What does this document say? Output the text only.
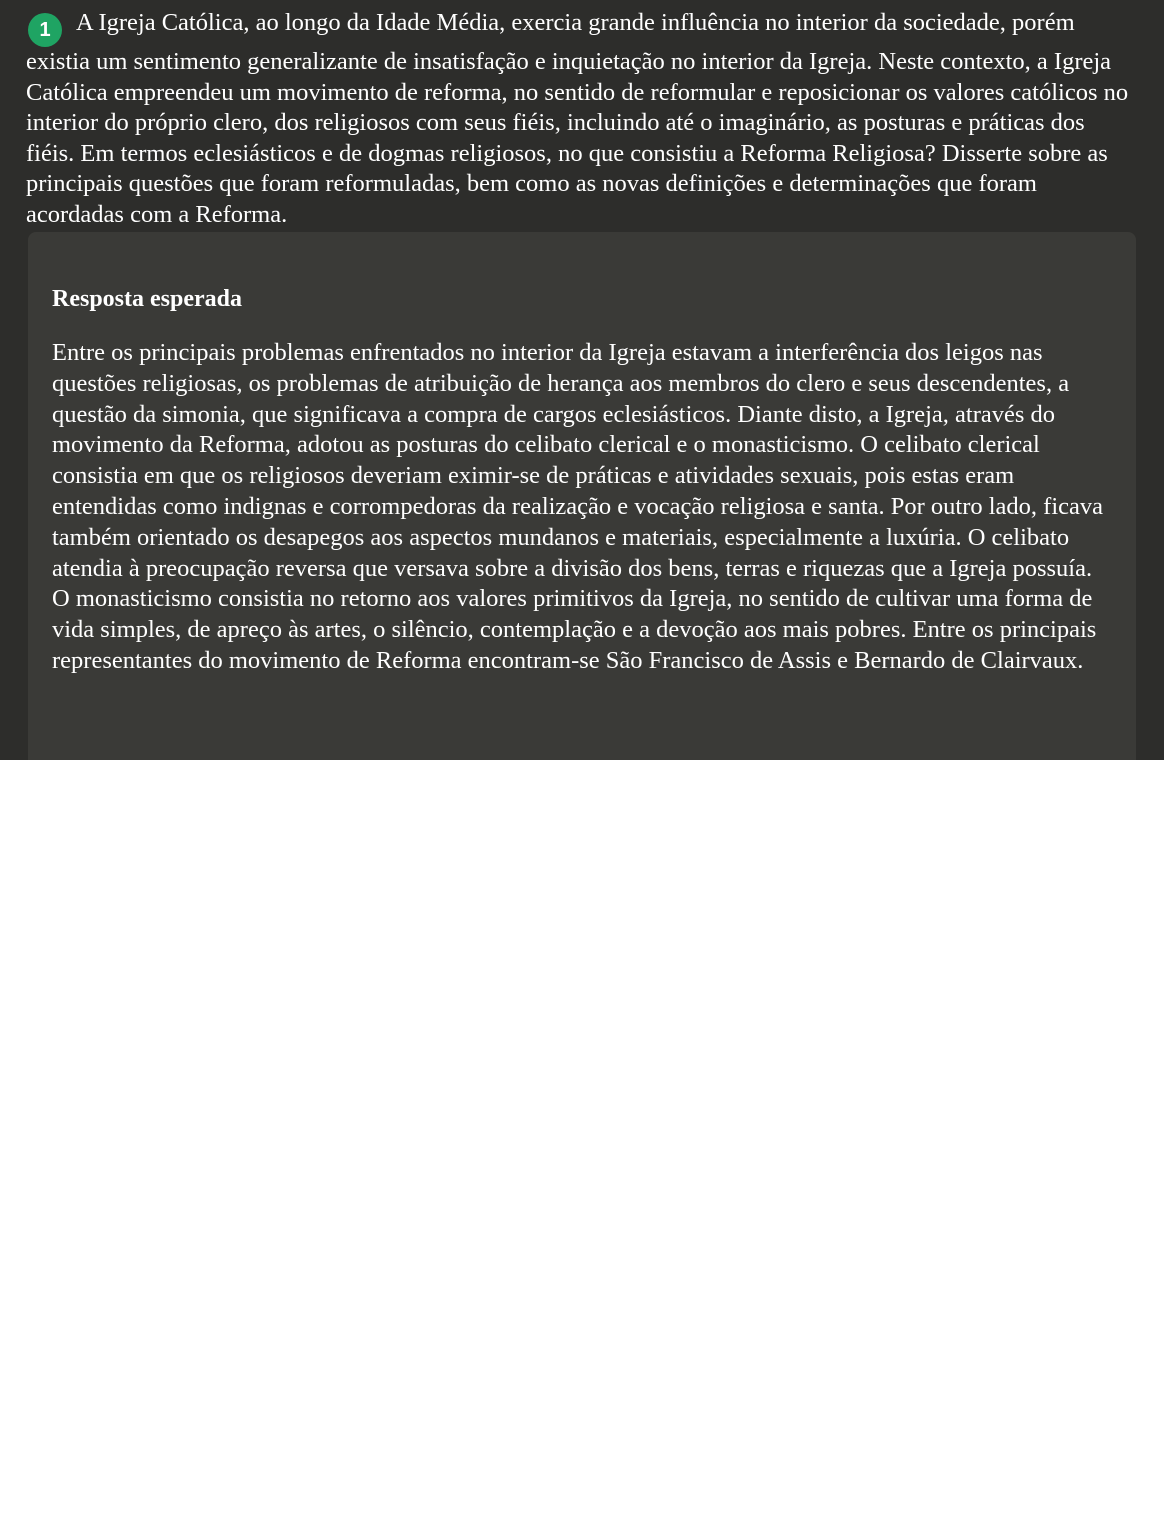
1 A Igreja Católica, ao longo da Idade Média, exercia grande influência no interior da sociedade, porém existia um sentimento generalizante de insatisfação e inquietação no interior da Igreja. Neste contexto, a Igreja Católica empreendeu um movimento de reforma, no sentido de reformular e reposicionar os valores católicos no interior do próprio clero, dos religiosos com seus fiéis, incluindo até o imaginário, as posturas e práticas dos fiéis. Em termos eclesiásticos e de dogmas religiosos, no que consistiu a Reforma Religiosa? Disserte sobre as principais questões que foram reformuladas, bem como as novas definições e determinações que foram acordadas com a Reforma.

Resposta esperada

Entre os principais problemas enfrentados no interior da Igreja estavam a interferência dos leigos nas questões religiosas, os problemas de atribuição de herança aos membros do clero e seus descendentes, a questão da simonia, que significava a compra de cargos eclesiásticos. Diante disto, a Igreja, através do movimento da Reforma, adotou as posturas do celibato clerical e o monasticismo. O celibato clerical consistia em que os religiosos deveriam eximir-se de práticas e atividades sexuais, pois estas eram entendidas como indignas e corrompedoras da realização e vocação religiosa e santa. Por outro lado, ficava também orientado os desapegos aos aspectos mundanos e materiais, especialmente a luxúria. O celibato atendia à preocupação reversa que versava sobre a divisão dos bens, terras e riquezas que a Igreja possuía. O monasticismo consistia no retorno aos valores primitivos da Igreja, no sentido de cultivar uma forma de vida simples, de apreço às artes, o silêncio, contemplação e a devoção aos mais pobres. Entre os principais representantes do movimento de Reforma encontram-se São Francisco de Assis e Bernardo de Clairvaux.
